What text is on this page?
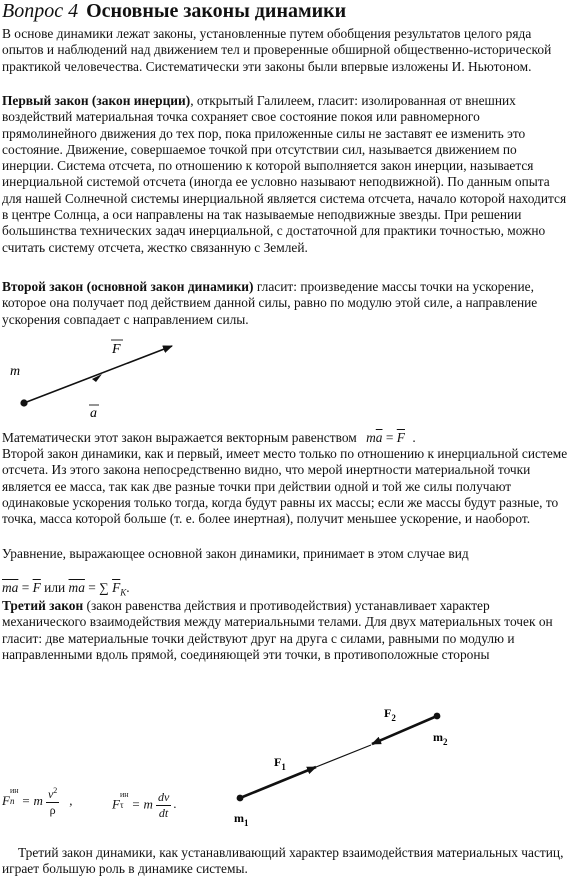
Вопрос 4 Основные законы динамики
В основе динамики лежат законы, установленные путем обобщения результатов целого ряда опытов и наблюдений над движением тел и проверенные обширной общественно-исторической практикой человечества. Систематически эти законы были впервые изложены И. Ньютоном.
Первый закон (закон инерции), открытый Галилеем, гласит: изолированная от внешних воздействий материальная точка сохраняет свое состояние покоя или равномерного прямолинейного движения до тех пор, пока приложенные силы не заставят ее изменить это состояние. Движение, совершаемое точкой при отсутствии сил, называется движением по инерции. Система отсчета, по отношению к которой выполняется закон инерции, называется инерциальной системой отсчета (иногда ее условно называют неподвижной). По данным опыта для нашей Солнечной системы инерциальной является система отсчета, начало которой находится в центре Солнца, а оси направлены на так называемые неподвижные звезды. При решении большинства технических задач инерциальной, с достаточной для практики точностью, можно считать систему отсчета, жестко связанную с Землей.
Второй закон (основной закон динамики) гласит: произведение массы точки на ускорение, которое она получает под действием данной силы, равно по модулю этой силе, а направление ускорения совпадает с направлением силы.
F
m
a
Математически этот закон выражается векторным равенством $m\overline{a} = \overline{F}$ .
Второй закон динамики, как и первый, имеет место только по отношению к инерциальной системе отсчета. Из этого закона непосредственно видно, что мерой инертности материальной точки является ее масса, так как две разные точки при действии одной и той же силы получают одинаковые ускорения только тогда, когда будут равны их массы; если же массы будут разные, то точка, масса которой больше (т. е. более инертная), получит меньшее ускорение, и наоборот.
Уравнение, выражающее основной закон динамики, принимает в этом случае вид
$\overline{ma} = \overline{F}$ или $\overline{ma}$ = ∑ $\overline{F}_K$.
Третий закон (закон равенства действия и противодействия) устанавливает характер механического взаимодействия между материальными телами. Для двух материальных точек он гласит: две материальные точки действуют друг на друга с силами, равными по модулю и направленными вдоль прямой, соединяющей эти точки, в противоположные стороны
$F_1$
$F_2$
$m_1$
$m_2$
F
ин
n = m $\frac{v^2}{\rho}$ ,	F
ин
τ = m $\frac{dv}{dt}$ .
Третий закон динамики, как устанавливающий характер взаимодействия материальных частиц, играет большую роль в динамике системы.
